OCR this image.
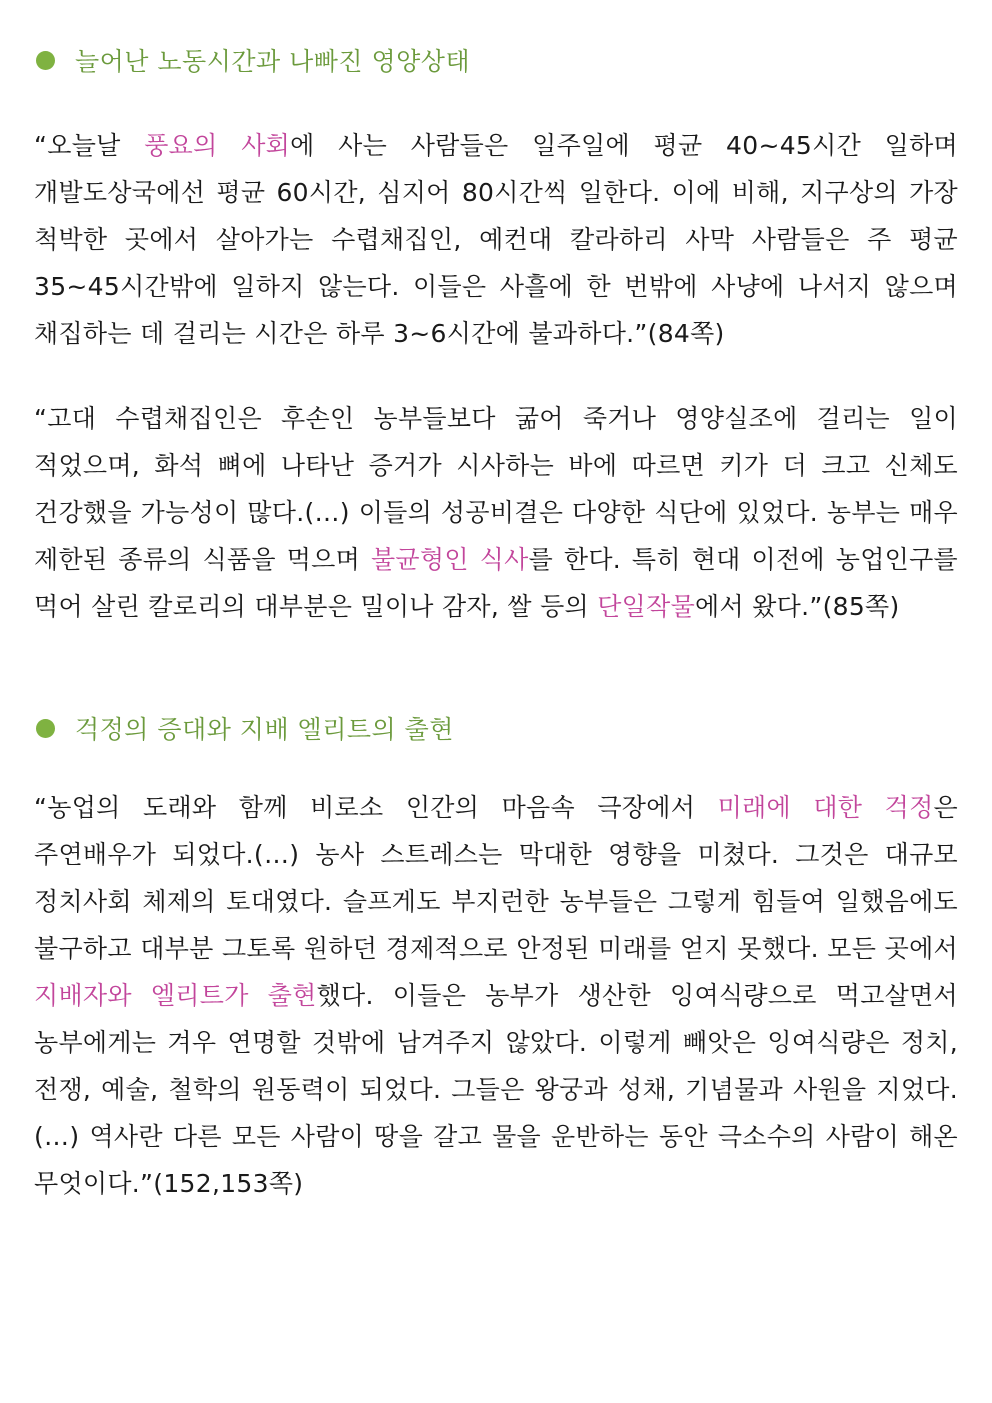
늘어난 노동시간과 나빠진 영양상태

“오늘날 풍요의 사회에 사는 사람들은 일주일에 평균 40~45시간 일하며 개발도상국에선 평균 60시간, 심지어 80시간씩 일한다. 이에 비해, 지구상의 가장 척박한 곳에서 살아가는 수렵채집인, 예컨대 칼라하리 사막 사람들은 주 평균 35~45시간밖에 일하지 않는다. 이들은 사흘에 한 번밖에 사냥에 나서지 않으며 채집하는 데 걸리는 시간은 하루 3~6시간에 불과하다.”(84쪽)

“고대 수렵채집인은 후손인 농부들보다 굶어 죽거나 영양실조에 걸리는 일이 적었으며, 화석 뼈에 나타난 증거가 시사하는 바에 따르면 키가 더 크고 신체도 건강했을 가능성이 많다.(…) 이들의 성공비결은 다양한 식단에 있었다. 농부는 매우 제한된 종류의 식품을 먹으며 불균형인 식사를 한다. 특히 현대 이전에 농업인구를 먹어 살린 칼로리의 대부분은 밀이나 감자, 쌀 등의 단일작물에서 왔다.”(85쪽)

걱정의 증대와 지배 엘리트의 출현

“농업의 도래와 함께 비로소 인간의 마음속 극장에서 미래에 대한 걱정은 주연배우가 되었다.(…) 농사 스트레스는 막대한 영향을 미쳤다. 그것은 대규모 정치사회 체제의 토대였다. 슬프게도 부지런한 농부들은 그렇게 힘들여 일했음에도 불구하고 대부분 그토록 원하던 경제적으로 안정된 미래를 얻지 못했다. 모든 곳에서 지배자와 엘리트가 출현했다. 이들은 농부가 생산한 잉여식량으로 먹고살면서 농부에게는 겨우 연명할 것밖에 남겨주지 않았다. 이렇게 빼앗은 잉여식량은 정치, 전쟁, 예술, 철학의 원동력이 되었다. 그들은 왕궁과 성채, 기념물과 사원을 지었다.(…) 역사란 다른 모든 사람이 땅을 갈고 물을 운반하는 동안 극소수의 사람이 해온 무엇이다.”(152,153쪽)
